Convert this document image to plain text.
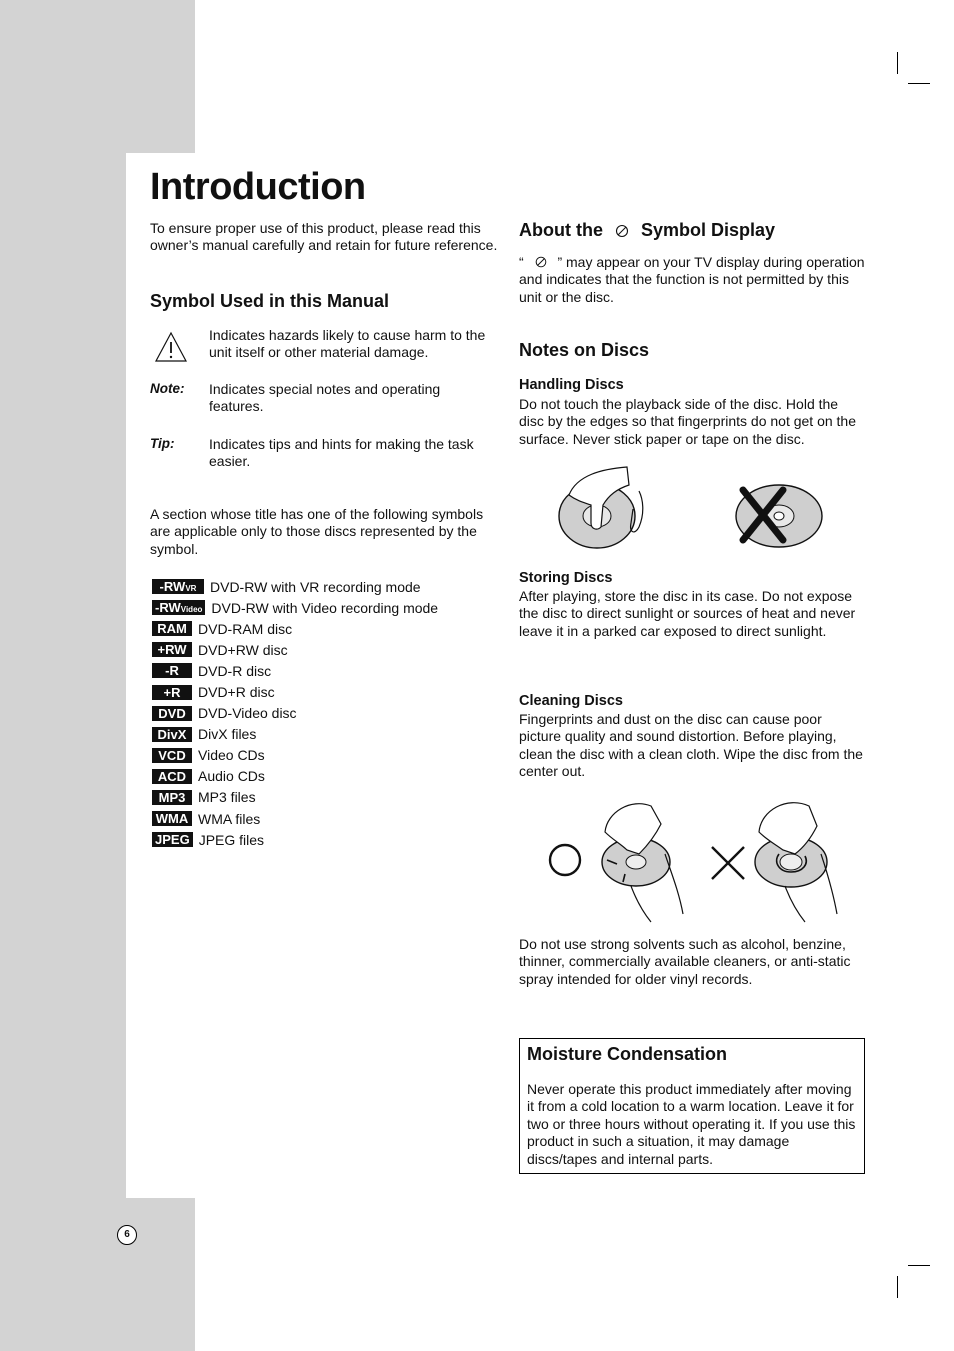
Introduction

To ensure proper use of this product, please read this owner’s manual carefully and retain for future reference.

Symbol Used in this Manual
Indicates hazards likely to cause harm to the unit itself or other material damage.
Note:	Indicates special notes and operating features.
Tip:	Indicates tips and hints for making the task easier.

A section whose title has one of the following symbols are applicable only to those discs represented by the symbol.

-RWVR DVD-RW with VR recording mode
-RWVideo DVD-RW with Video recording mode
RAM DVD-RAM disc
+RW DVD+RW disc
-R	DVD-R disc
+R	DVD+R disc
DVD DVD-Video disc
DivX DivX files
VCD Video CDs
ACD Audio CDs
MP3 MP3 files
WMA WMA files
JPEG JPEG files
About the Symbol Display

“ ” may appear on your TV display during operation and indicates that the function is not permitted by this unit or the disc.

Notes on Discs
Handling Discs

Do not touch the playback side of the disc. Hold the disc by the edges so that fingerprints do not get on the surface. Never stick paper or tape on the disc.

Storing Discs

After playing, store the disc in its case. Do not expose the disc to direct sunlight or sources of heat and never leave it in a parked car exposed to direct sunlight.

Cleaning Discs

Fingerprints and dust on the disc can cause poor picture quality and sound distortion. Before playing, clean the disc with a clean cloth. Wipe the disc from the center out.

Do not use strong solvents such as alcohol, benzine, thinner, commercially available cleaners, or anti-static spray intended for older vinyl records.

Moisture Condensation

Never operate this product immediately after moving it from a cold location to a warm location. Leave it for two or three hours without operating it. If you use this product in such a situation, it may damage discs/tapes and internal parts.

6
